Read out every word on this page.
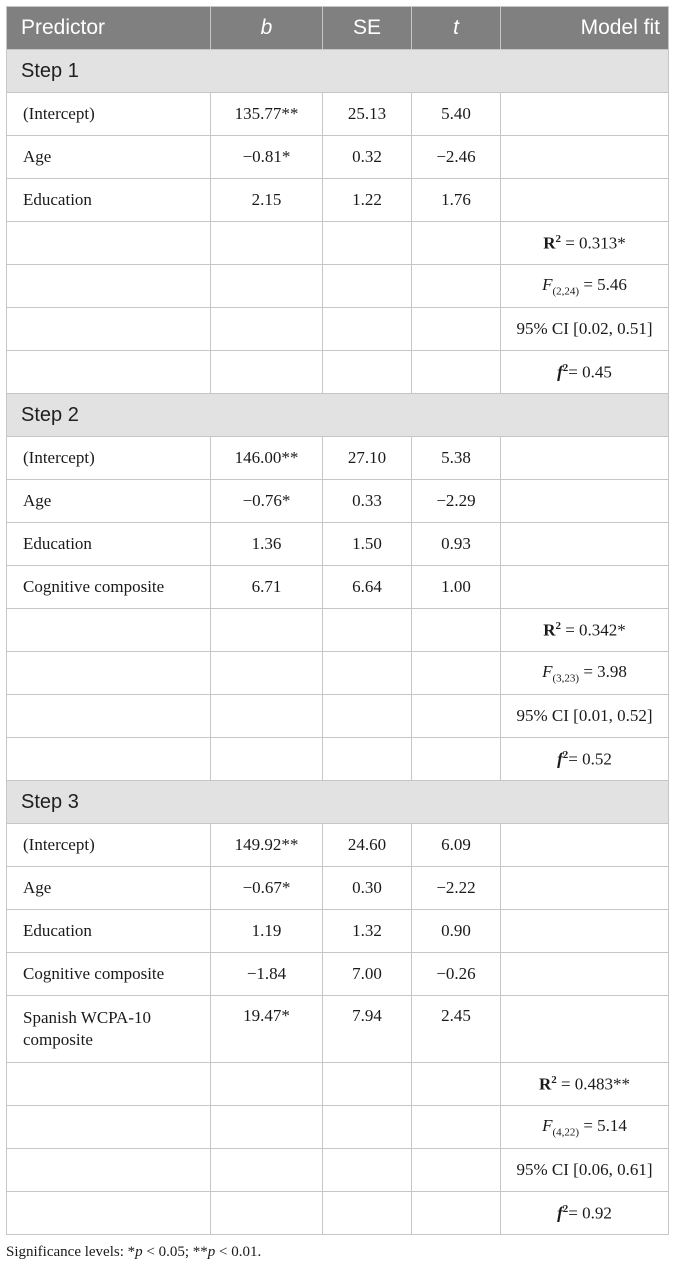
Predictor	b	SE	t	Model fit
Step 1				
(Intercept)	135.77**	25.13	5.40	
Age	−0.81*	0.32	−2.46	
Education	2.15	1.22	1.76	
				$R^2 = 0.313*$
				$F_{(2,24)} = 5.46$
				95% CI [0.02, 0.51]
				$f^2= 0.45$
Step 2				
(Intercept)	146.00**	27.10	5.38	
Age	−0.76*	0.33	−2.29	
Education	1.36	1.50	0.93	
Cognitive composite	6.71	6.64	1.00	
				$R^2 = 0.342*$
				$F_{(3,23)} = 3.98$
				95% CI [0.01, 0.52]
				$f^2= 0.52$
Step 3				
(Intercept)	149.92**	24.60	6.09	
Age	−0.67*	0.30	−2.22	
Education	1.19	1.32	0.90	
Cognitive composite	−1.84	7.00	−0.26	
Spanish WCPA-10 composite	19.47*	7.94	2.45	
				$R^2 = 0.483**$
				$F_{(4,22)} = 5.14$
				95% CI [0.06, 0.61]
				$f^2= 0.92$
Significance levels: *p < 0.05; **p < 0.01.
